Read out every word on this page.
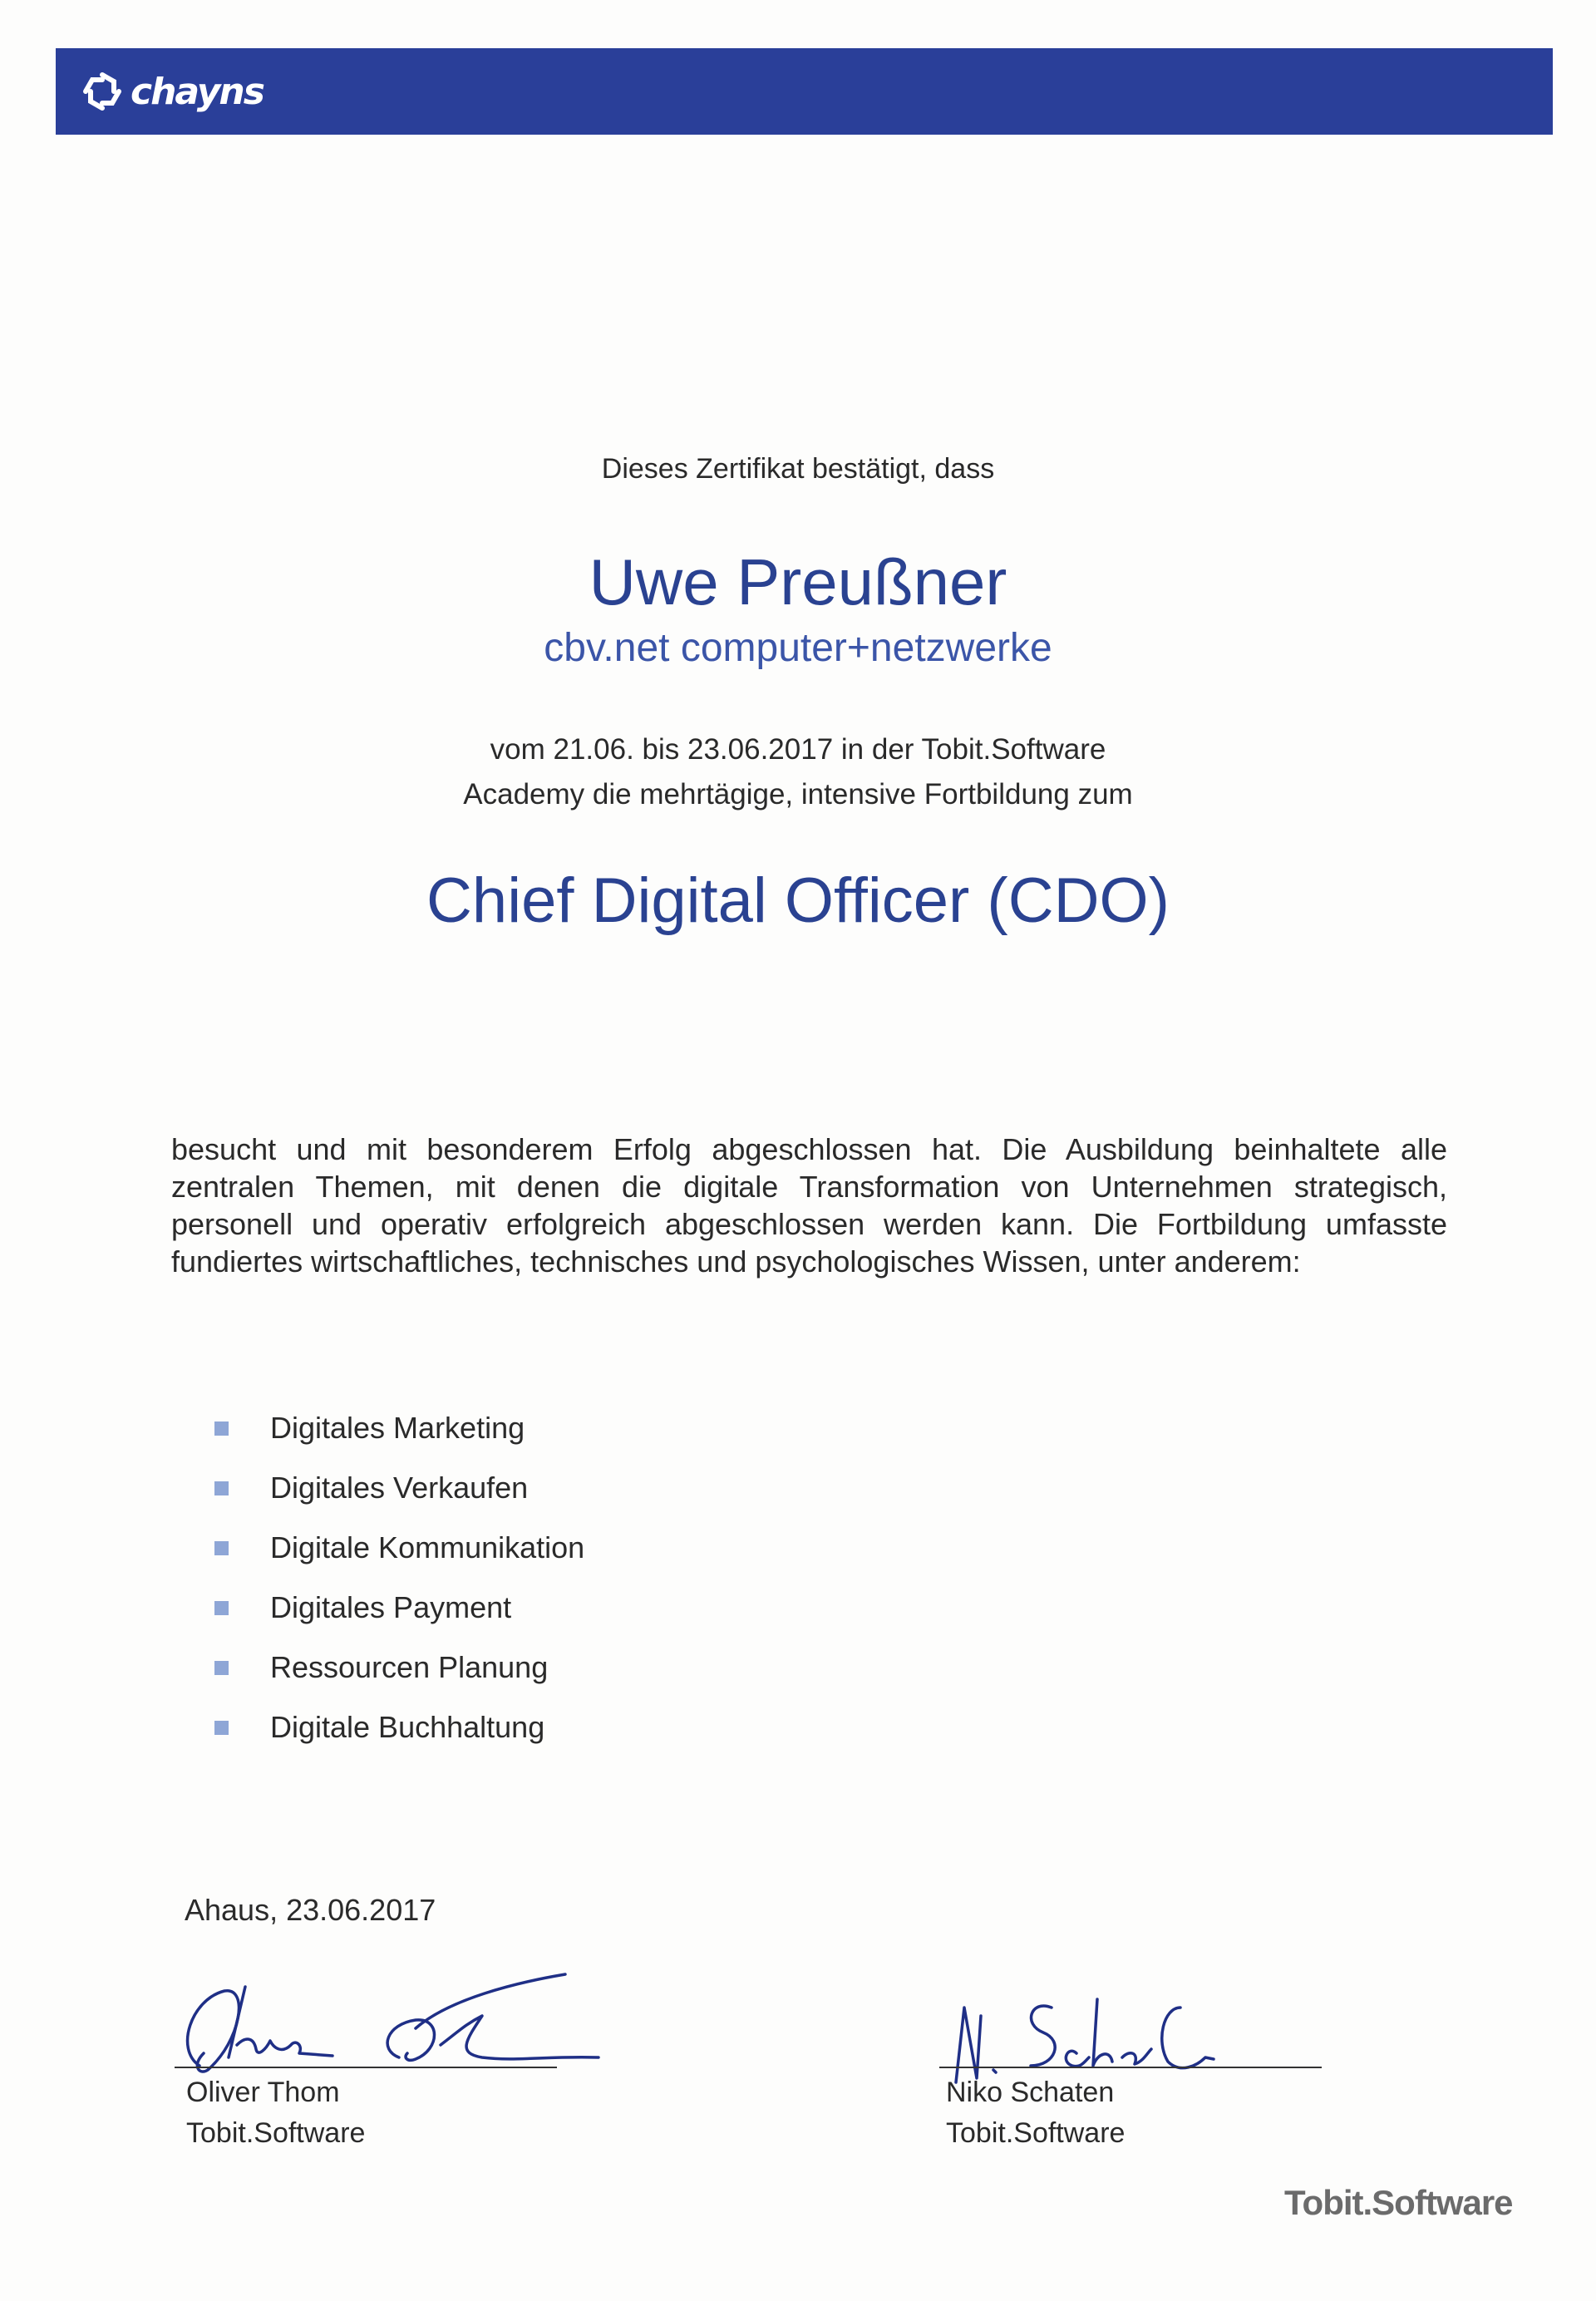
chayns
Dieses Zertifikat bestätigt, dass
Uwe Preußner
cbv.net computer+netzwerke
vom 21.06. bis 23.06.2017 in der Tobit.Software
Academy die mehrtägige, intensive Fortbildung zum
Chief Digital Officer (CDO)
besucht und mit besonderem Erfolg abgeschlossen hat. Die Ausbildung beinhaltete alle
zentralen Themen, mit denen die digitale Transformation von Unternehmen strategisch,
personell und operativ erfolgreich abgeschlossen werden kann. Die Fortbildung umfasste
fundiertes wirtschaftliches, technisches und psychologisches Wissen, unter anderem:
Digitales Marketing
Digitales Verkaufen
Digitale Kommunikation
Digitales Payment
Ressourcen Planung
Digitale Buchhaltung
Ahaus, 23.06.2017
Oliver Thom
Tobit.Software
Niko Schaten
Tobit.Software
Tobit.Software
